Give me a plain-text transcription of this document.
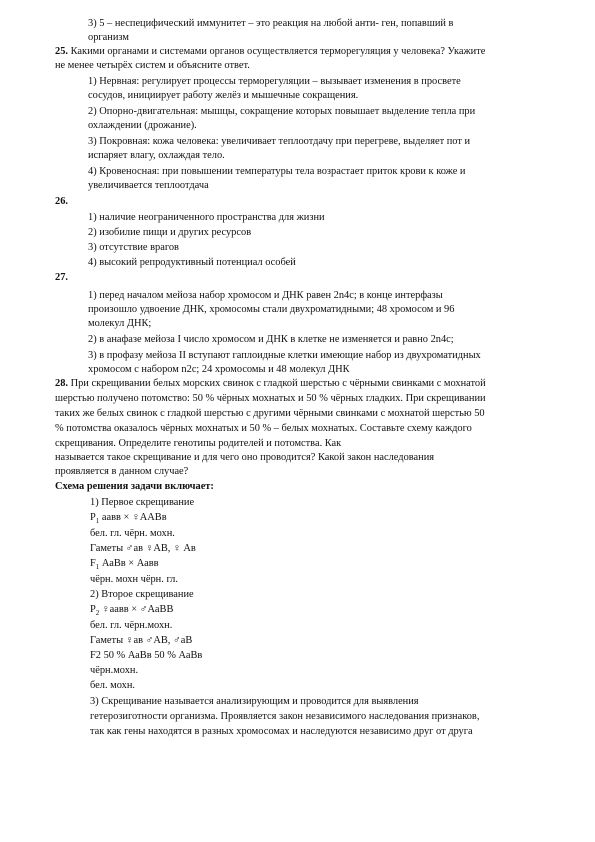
3) 5 – неспецифический иммунитет – это реакция на любой анти- ген, попавший в
организм
25. Какими органами и системами органов осуществляется терморегуляция у человека? Укажите
не менее четырёх систем и объясните ответ.
1) Нервная: регулирует процессы терморегуляции – вызывает изменения в просвете
сосудов, инициирует работу желёз и мышечные сокращения.
2) Опорно-двигательная: мышцы, сокращение которых повышает выделение тепла при
охлаждении (дрожание).
3) Покровная: кожа человека: увеличивает теплоотдачу при перегреве, выделяет пот и
испаряет влагу, охлаждая тело.
4) Кровеносная: при повышении температуры тела возрастает приток крови к коже и
увеличивается теплоотдача
26.
1) наличие неограниченного пространства для жизни
2) изобилие пищи и других ресурсов
3) отсутствие врагов
4) высокий репродуктивный потенциал особей
27.
1) перед началом мейоза набор хромосом и ДНК равен 2n4c; в конце интерфазы
произошло удвоение ДНК, хромосомы стали двухроматидными; 48 хромосом и 96
молекул ДНК;
2) в анафазе мейоза I число хромосом и ДНК в клетке не изменяется и равно 2n4c;
3) в профазу мейоза II вступают гаплоидные клетки имеющие набор из двухроматидных
хромосом с набором n2c; 24 хромосомы и 48 молекул ДНК
28. При скрещивании белых морских свинок с гладкой шерстью с чёрными свинками с мохнатой
шерстью получено потомство: 50 % чёрных мохнатых и 50 % чёрных гладких. При скрещивании
таких же белых свинок с гладкой шерстью с другими чёрными свинками с мохнатой шерстью 50
% потомства оказалось чёрных мохнатых и 50 % – белых мохнатых. Составьте схему каждого
скрещивания. Определите генотипы родителей и потомства. Как
называется такое скрещивание и для чего оно проводится? Какой закон наследования
проявляется в данном случае?
Схема решения задачи включает:
1) Первое скрещивание
$Р_1$ аавв × ♀ААВв
бел. гл. чёрн. мохн.
Гаметы ♂ав ♀АВ, ♀ Ав
$F_1$ АаВв × Аавв
чёрн. мохн чёрн. гл.
2) Второе скрещивание
$Р_2$ ♀аавв × ♂АаВВ
бел. гл. чёрн.мохн.
Гаметы ♀ав ♂АВ, ♂аВ
F2 50 % АаВв 50 % АаВв
чёрн.мохн.
бел. мохн.
3) Скрещивание называется анализирующим и проводится для выявления
гетерозиготности организма. Проявляется закон независимого наследования признаков,
так как гены находятся в разных хромосомах и наследуются независимо друг от друга
